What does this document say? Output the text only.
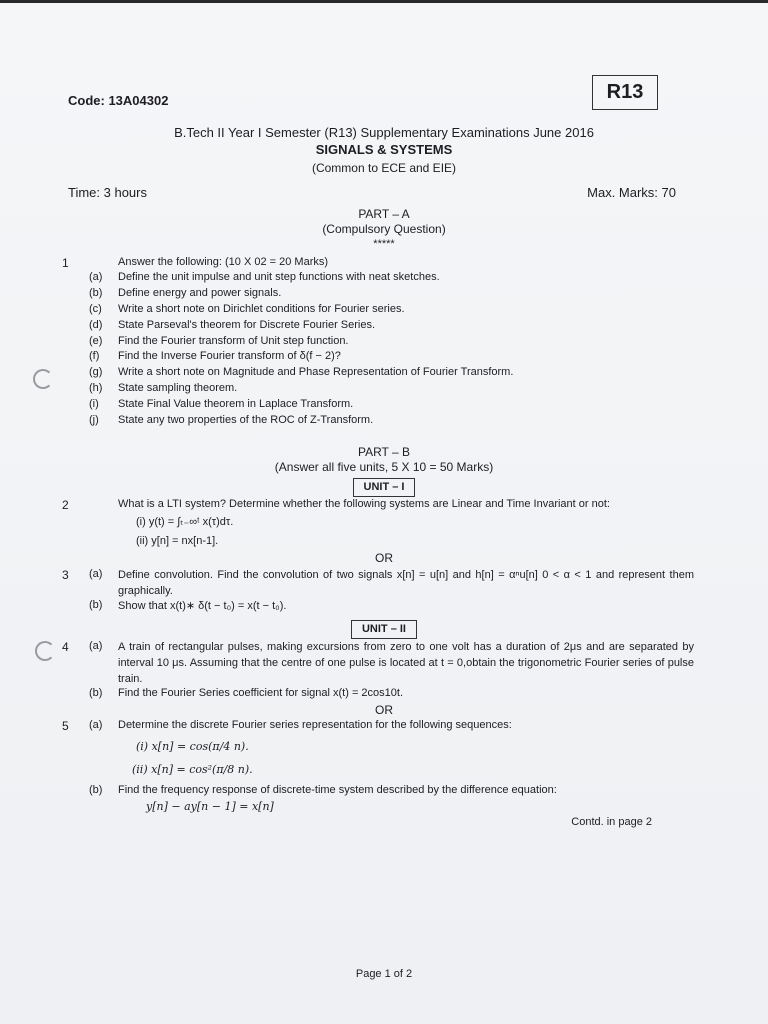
Code: 13A04302	R13
B.Tech II Year I Semester (R13) Supplementary Examinations June 2016
SIGNALS & SYSTEMS
(Common to ECE and EIE)
Time: 3 hours	Max. Marks: 70
PART – A
(Compulsory Question)
*****
1	Answer the following: (10 X 02 = 20 Marks)
(a) Define the unit impulse and unit step functions with neat sketches.
(b) Define energy and power signals.
(c) Write a short note on Dirichlet conditions for Fourier series.
(d) State Parseval's theorem for Discrete Fourier Series.
(e) Find the Fourier transform of Unit step function.
(f) Find the Inverse Fourier transform of δ(f − 2)?
(g) Write a short note on Magnitude and Phase Representation of Fourier Transform.
(h) State sampling theorem.
(i) State Final Value theorem in Laplace Transform.
(j) State any two properties of the ROC of Z-Transform.
PART – B
(Answer all five units, 5 X 10 = 50 Marks)
UNIT – I
2	What is a LTI system? Determine whether the following systems are Linear and Time Invariant or not:
(i) y(t) = ∫ₜ₋∞ᵗ x(τ)dτ.
(ii) y[n] = nx[n-1].
OR
3 (a) Define convolution. Find the convolution of two signals x[n] = u[n] and h[n] = αⁿu[n] 0 < α < 1 and represent them graphically.
(b) Show that x(t)∗ δ(t − t₀) = x(t − t₀).
UNIT – II
4 (a) A train of rectangular pulses, making excursions from zero to one volt has a duration of 2μs and are separated by interval 10 μs. Assuming that the centre of one pulse is located at t = 0,obtain the trigonometric Fourier series of pulse train.
(b) Find the Fourier Series coefficient for signal x(t) = 2cos10t.
OR
5 (a) Determine the discrete Fourier series representation for the following sequences:
(i) x[n] = cos(π/4 n).
(ii) x[n] = cos²(π/8 n).
(b) Find the frequency response of discrete-time system described by the difference equation:
y[n] − ay[n − 1] = x[n]
Contd. in page 2
Page 1 of 2
